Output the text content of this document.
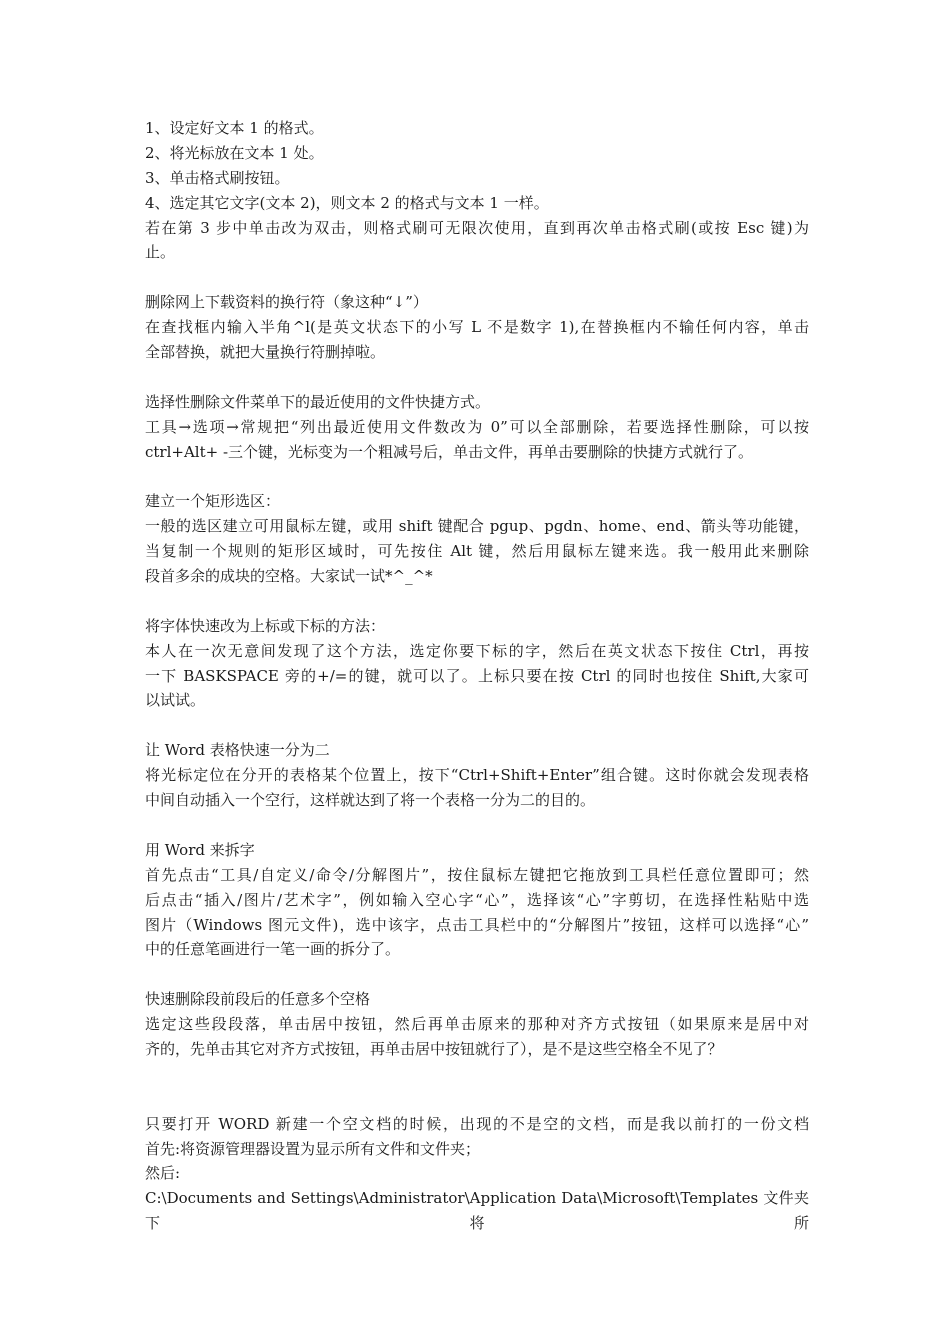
1、设定好文本 1 的格式。
2、将光标放在文本 1 处。
3、单击格式刷按钮。
4、选定其它文字(文本 2)，则文本 2 的格式与文本 1 一样。
若在第 3 步中单击改为双击，则格式刷可无限次使用，直到再次单击格式刷(或按 Esc 键)为
止。
删除网上下载资料的换行符（象这种“↓”）
在查找框内输入半角^l(是英文状态下的小写 L 不是数字 1),在替换框内不输任何内容，单击
全部替换，就把大量换行符删掉啦。
选择性删除文件菜单下的最近使用的文件快捷方式。
工具→选项→常规把“列出最近使用文件数改为 0”可以全部删除，若要选择性删除，可以按
ctrl+Alt+ -三个键，光标变为一个粗减号后，单击文件，再单击要删除的快捷方式就行了。
建立一个矩形选区：
一般的选区建立可用鼠标左键，或用 shift 键配合 pgup、pgdn、home、end、箭头等功能键，
当复制一个规则的矩形区域时，可先按住 Alt 键，然后用鼠标左键来选。我一般用此来删除
段首多余的成块的空格。大家试一试*^_^*
将字体快速改为上标或下标的方法：
本人在一次无意间发现了这个方法，选定你要下标的字，然后在英文状态下按住 Ctrl，再按
一下 BASKSPACE 旁的+/=的键，就可以了。上标只要在按 Ctrl 的同时也按住 Shift,大家可
以试试。
让 Word 表格快速一分为二
将光标定位在分开的表格某个位置上，按下“Ctrl+Shift+Enter”组合键。这时你就会发现表格
中间自动插入一个空行，这样就达到了将一个表格一分为二的目的。
用 Word 来拆字
首先点击“工具/自定义/命令/分解图片”，按住鼠标左键把它拖放到工具栏任意位置即可；然
后点击“插入/图片/艺术字”，例如输入空心字“心”，选择该“心”字剪切，在选择性粘贴中选
图片（Windows 图元文件)，选中该字，点击工具栏中的“分解图片”按钮，这样可以选择“心”
中的任意笔画进行一笔一画的拆分了。
快速删除段前段后的任意多个空格
选定这些段段落，单击居中按钮，然后再单击原来的那种对齐方式按钮（如果原来是居中对
齐的，先单击其它对齐方式按钮，再单击居中按钮就行了），是不是这些空格全不见了？
只要打开 WORD 新建一个空文档的时候，出现的不是空的文档，而是我以前打的一份文档
首先:将资源管理器设置为显示所有文件和文件夹；
然后:
C:\Documents and Settings\Administrator\Application Data\Microsoft\Templates 文件夹下将所
